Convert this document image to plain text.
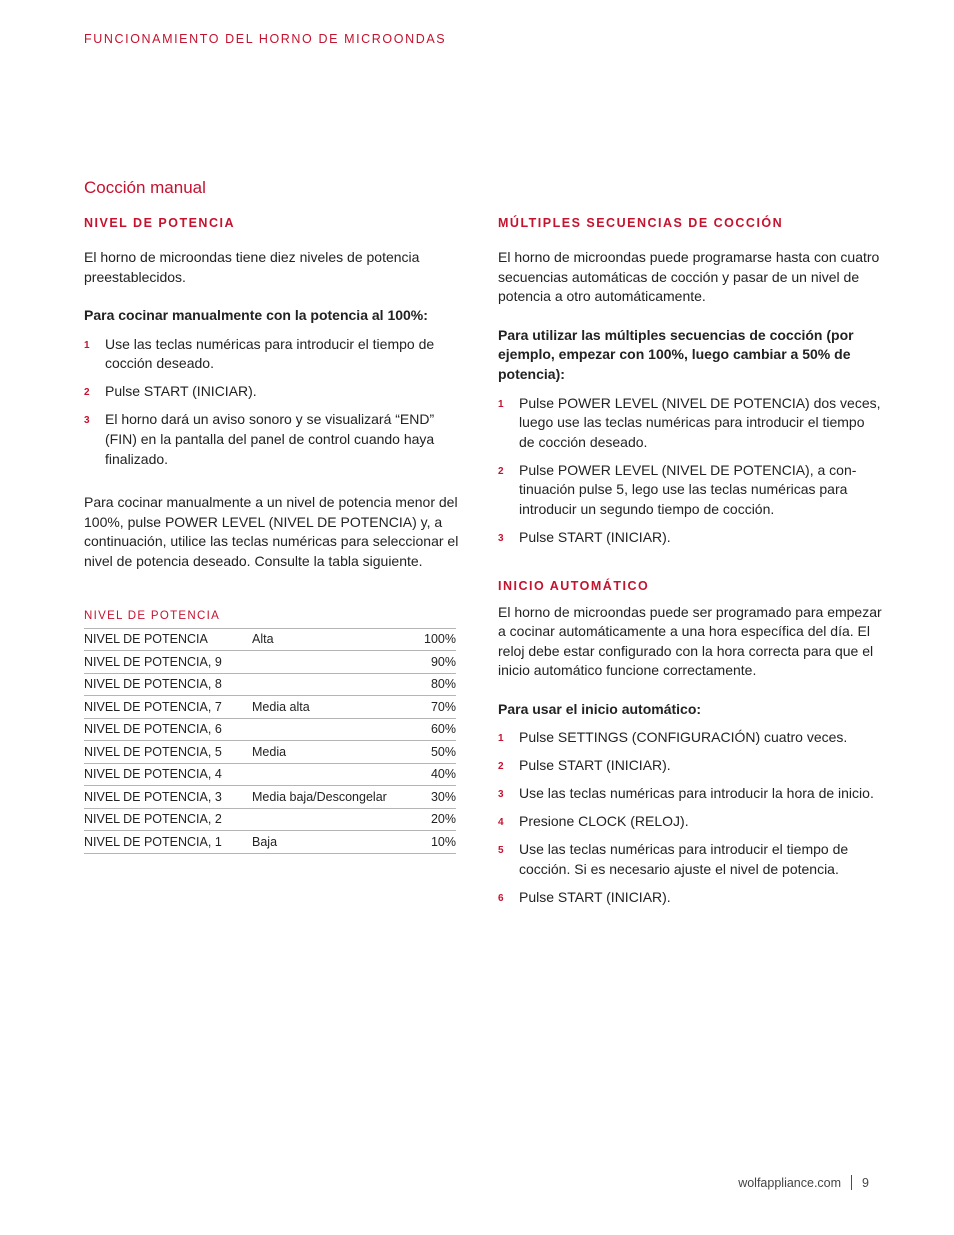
FUNCIONAMIENTO DEL HORNO DE MICROONDAS
Cocción manual
NIVEL DE POTENCIA

El horno de microondas tiene diez niveles de potencia preestablecidos.

Para cocinar manualmente con la potencia al 100%:

1 Use las teclas numéricas para introducir el tiempo de cocción deseado.
2 Pulse START (INICIAR).
3 El horno dará un aviso sonoro y se visualizará “END” (FIN) en la pantalla del panel de control cuando haya finalizado.

Para cocinar manualmente a un nivel de potencia menor del 100%, pulse POWER LEVEL (NIVEL DE POTENCIA) y, a continuación, utilice las teclas numéricas para seleccionar el nivel de potencia deseado. Consulte la tabla siguiente.

NIVEL DE POTENCIA
NIVEL DE POTENCIA	Alta	100%
NIVEL DE POTENCIA, 9		90%
NIVEL DE POTENCIA, 8		80%
NIVEL DE POTENCIA, 7	Media alta	70%
NIVEL DE POTENCIA, 6		60%
NIVEL DE POTENCIA, 5	Media	50%
NIVEL DE POTENCIA, 4		40%
NIVEL DE POTENCIA, 3	Media baja/Descongelar	30%
NIVEL DE POTENCIA, 2		20%
NIVEL DE POTENCIA, 1	Baja	10%
MÚLTIPLES SECUENCIAS DE COCCIÓN

El horno de microondas puede programarse hasta con cuatro secuencias automáticas de cocción y pasar de un nivel de potencia a otro automáticamente.

Para utilizar las múltiples secuencias de cocción (por ejemplo, empezar con 100%, luego cambiar a 50% de potencia):

1 Pulse POWER LEVEL (NIVEL DE POTENCIA) dos veces, luego use las teclas numéricas para introducir el tiempo de cocción deseado.
2 Pulse POWER LEVEL (NIVEL DE POTENCIA), a con-tinuación pulse 5, lego use las teclas numéricas para introducir un segundo tiempo de cocción.
3 Pulse START (INICIAR).
INICIO AUTOMÁTICO

El horno de microondas puede ser programado para empezar a cocinar automáticamente a una hora específica del día. El reloj debe estar configurado con la hora correcta para que el inicio automático funcione correctamente.

Para usar el inicio automático:

1 Pulse SETTINGS (CONFIGURACIÓN) cuatro veces.
2 Pulse START (INICIAR).
3 Use las teclas numéricas para introducir la hora de inicio.
4 Presione CLOCK (RELOJ).
5 Use las teclas numéricas para introducir el tiempo de cocción. Si es necesario ajuste el nivel de potencia.
6 Pulse START (INICIAR).
wolfappliance.com 9
